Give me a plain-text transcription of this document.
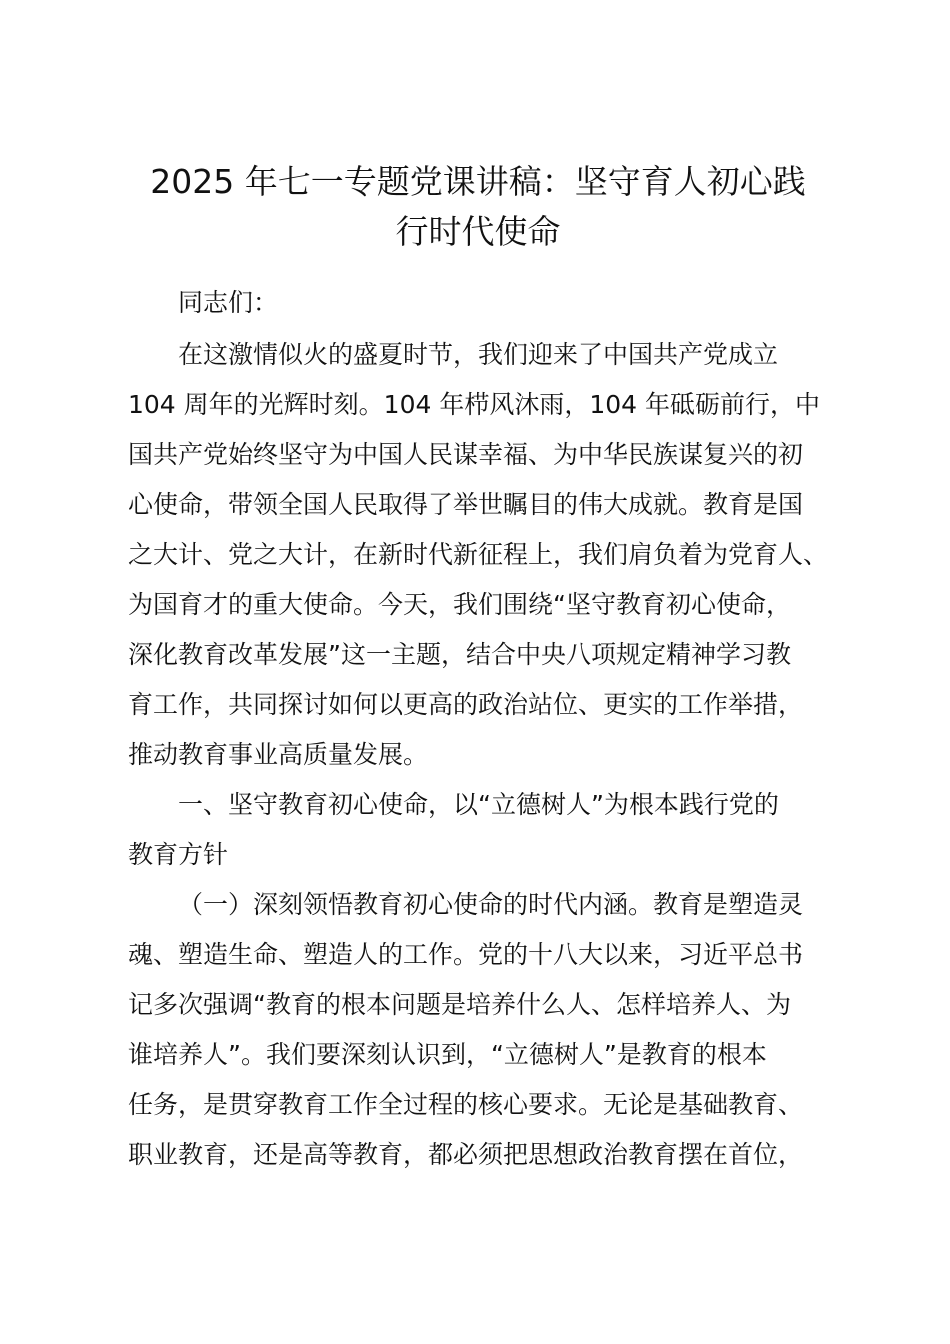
2025 年七一专题党课讲稿：坚守育人初心践
行时代使命
同志们：
在这激情似火的盛夏时节，我们迎来了中国共产党成立
104 周年的光辉时刻。104 年栉风沐雨，104 年砥砺前行，中
国共产党始终坚守为中国人民谋幸福、为中华民族谋复兴的初
心使命，带领全国人民取得了举世瞩目的伟大成就。教育是国
之大计、党之大计，在新时代新征程上，我们肩负着为党育人、
为国育才的重大使命。今天，我们围绕“坚守教育初心使命，
深化教育改革发展”这一主题，结合中央八项规定精神学习教
育工作，共同探讨如何以更高的政治站位、更实的工作举措，
推动教育事业高质量发展。
一、坚守教育初心使命，以“立德树人”为根本践行党的
教育方针
（一）深刻领悟教育初心使命的时代内涵。教育是塑造灵
魂、塑造生命、塑造人的工作。党的十八大以来，习近平总书
记多次强调“教育的根本问题是培养什么人、怎样培养人、为
谁培养人”。我们要深刻认识到，“立德树人”是教育的根本
任务，是贯穿教育工作全过程的核心要求。无论是基础教育、
职业教育，还是高等教育，都必须把思想政治教育摆在首位，
